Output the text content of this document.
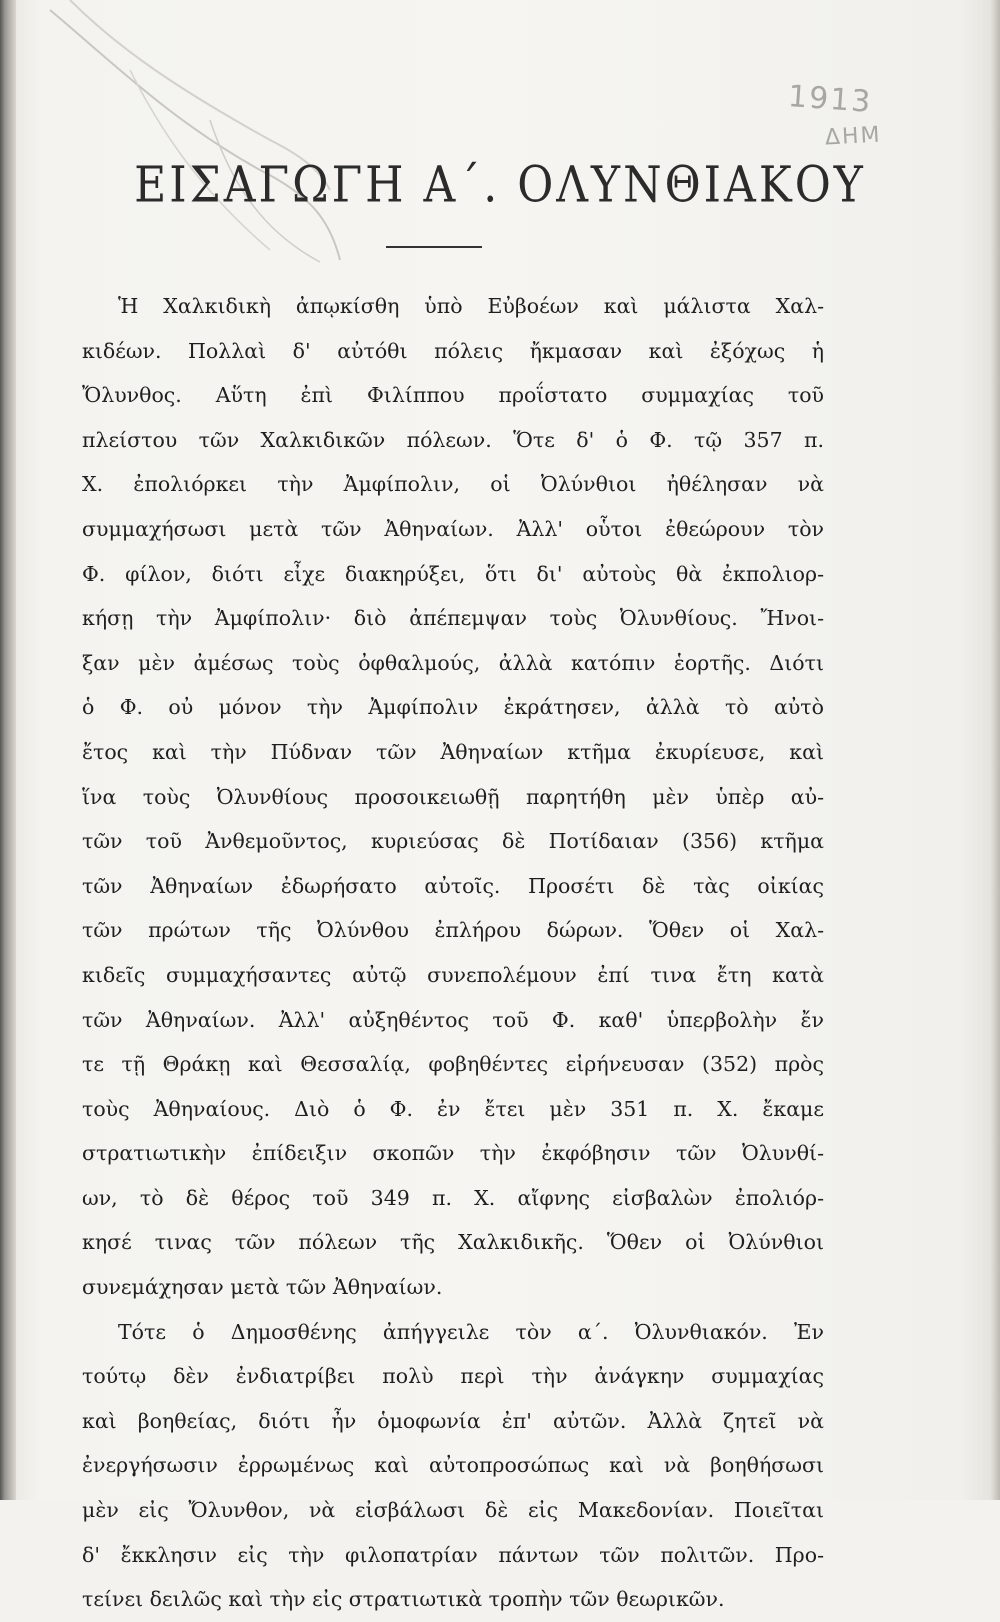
1913
ΔΗΜ
ΕΙΣΑΓΩΓΗ Α΄. ΟΛΥΝΘΙΑΚΟΥ
Ἡ Χαλκιδικὴ ἀπῳκίσθη ὑπὸ Εὐβοέων καὶ μάλιστα Χαλ-
κιδέων. Πολλαὶ δ' αὐτόθι πόλεις ἤκμασαν καὶ ἐξόχως ἡ
Ὄλυνθος. Αὕτη ἐπὶ Φιλίππου προΐστατο συμμαχίας τοῦ
πλείστου τῶν Χαλκιδικῶν πόλεων. Ὅτε δ' ὁ Φ. τῷ 357 π.
Χ. ἐπολιόρκει τὴν Ἀμφίπολιν, οἱ Ὀλύνθιοι ἠθέλησαν νὰ
συμμαχήσωσι μετὰ τῶν Ἀθηναίων. Ἀλλ' οὗτοι ἐθεώρουν τὸν
Φ. φίλον, διότι εἶχε διακηρύξει, ὅτι δι' αὐτοὺς θὰ ἐκπολιορ-
κήσῃ τὴν Ἀμφίπολιν· διὸ ἀπέπεμψαν τοὺς Ὀλυνθίους. Ἤνοι-
ξαν μὲν ἀμέσως τοὺς ὀφθαλμούς, ἀλλὰ κατόπιν ἑορτῆς. Διότι
ὁ Φ. οὐ μόνον τὴν Ἀμφίπολιν ἐκράτησεν, ἀλλὰ τὸ αὐτὸ
ἔτος καὶ τὴν Πύδναν τῶν Ἀθηναίων κτῆμα ἐκυρίευσε, καὶ
ἵνα τοὺς Ὀλυνθίους προσοικειωθῇ παρητήθη μὲν ὑπὲρ αὐ-
τῶν τοῦ Ἀνθεμοῦντος, κυριεύσας δὲ Ποτίδαιαν (356) κτῆμα
τῶν Ἀθηναίων ἐδωρήσατο αὐτοῖς. Προσέτι δὲ τὰς οἰκίας
τῶν πρώτων τῆς Ὀλύνθου ἐπλήρου δώρων. Ὅθεν οἱ Χαλ-
κιδεῖς συμμαχήσαντες αὐτῷ συνεπολέμουν ἐπί τινα ἔτη κατὰ
τῶν Ἀθηναίων. Ἀλλ' αὐξηθέντος τοῦ Φ. καθ' ὑπερβολὴν ἔν
τε τῇ Θράκῃ καὶ Θεσσαλίᾳ, φοβηθέντες εἰρήνευσαν (352) πρὸς
τοὺς Ἀθηναίους. Διὸ ὁ Φ. ἐν ἔτει μὲν 351 π. Χ. ἔκαμε
στρατιωτικὴν ἐπίδειξιν σκοπῶν τὴν ἐκφόβησιν τῶν Ὀλυνθί-
ων, τὸ δὲ θέρος τοῦ 349 π. Χ. αἴφνης εἰσβαλὼν ἐπολιόρ-
κησέ τινας τῶν πόλεων τῆς Χαλκιδικῆς. Ὅθεν οἱ Ὀλύνθιοι
συνεμάχησαν μετὰ τῶν Ἀθηναίων.
Τότε ὁ Δημοσθένης ἀπήγγειλε τὸν α΄. Ὀλυνθιακόν. Ἐν
τούτῳ δὲν ἐνδιατρίβει πολὺ περὶ τὴν ἀνάγκην συμμαχίας
καὶ βοηθείας, διότι ἦν ὁμοφωνία ἐπ' αὐτῶν. Ἀλλὰ ζητεῖ νὰ
ἐνεργήσωσιν ἐρρωμένως καὶ αὐτοπροσώπως καὶ νὰ βοηθήσωσι
μὲν εἰς Ὄλυνθον, νὰ εἰσβάλωσι δὲ εἰς Μακεδονίαν. Ποιεῖται
δ' ἔκκλησιν εἰς τὴν φιλοπατρίαν πάντων τῶν πολιτῶν. Προ-
τείνει δειλῶς καὶ τὴν εἰς στρατιωτικὰ τροπὴν τῶν θεωρικῶν.
